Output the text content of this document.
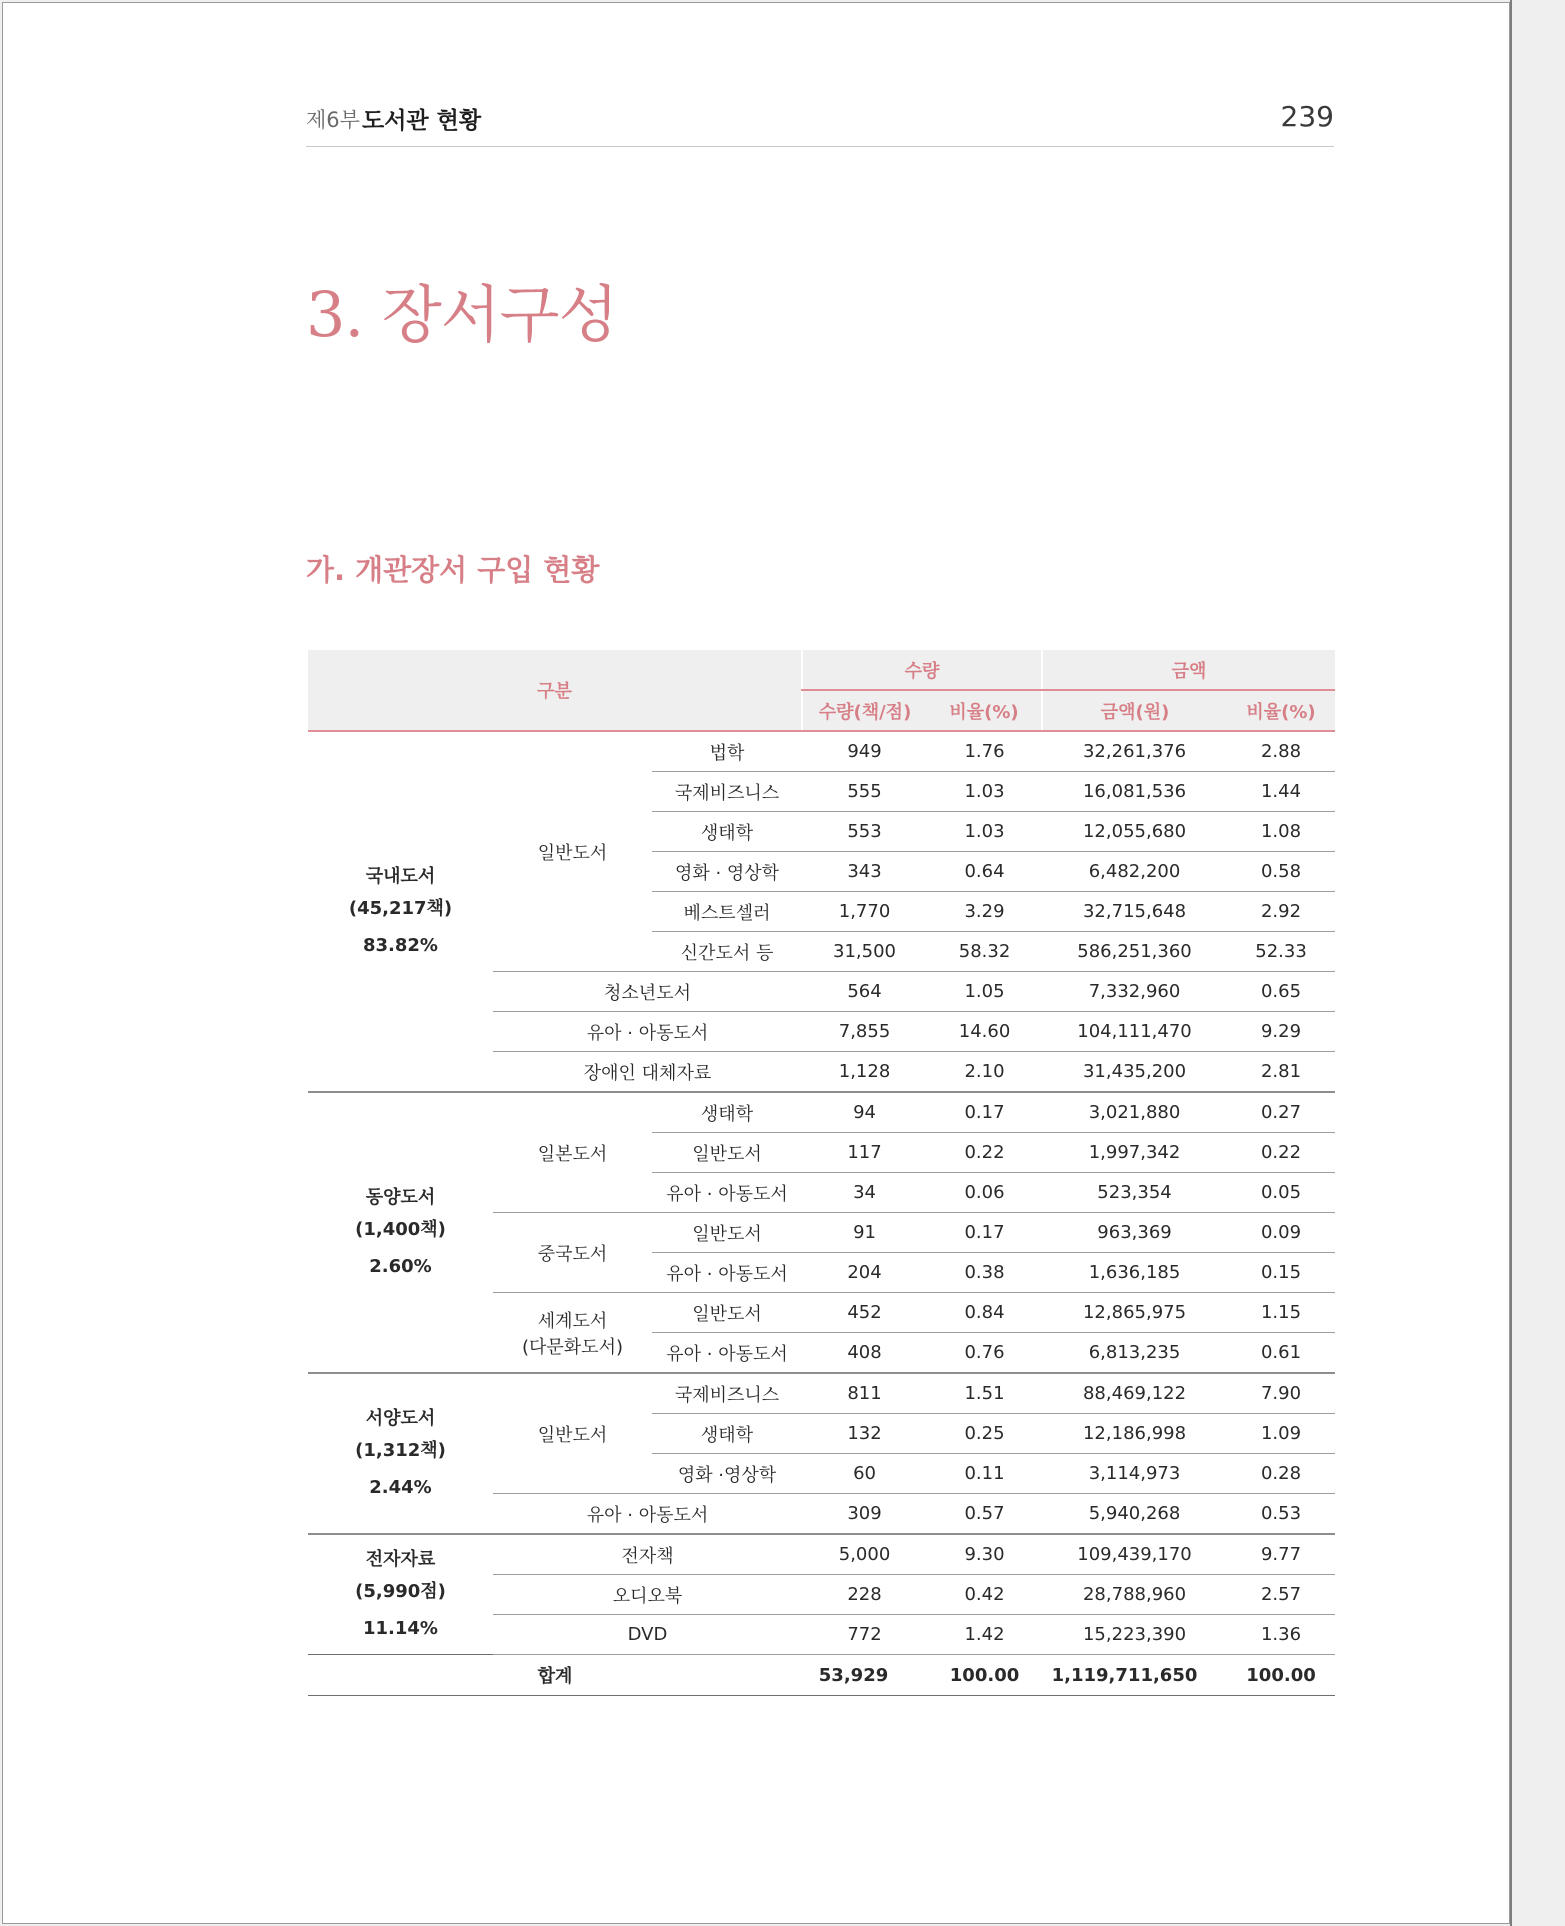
제6부 도서관 현황	239
3. 장서구성
가. 개관장서 구입 현황
구분			수량		금액	
			수량(책/점)	비율(%)	금액(원)	비율(%)

국내도서
(45,217책)
83.82%	일반도서	법학	949	1.76	32,261,376	2.88
		국제비즈니스	555	1.03	16,081,536	1.44
		생태학	553	1.03	12,055,680	1.08
		영화 · 영상학	343	0.64	6,482,200	0.58
		베스트셀러	1,770	3.29	32,715,648	2.92
		신간도서 등	31,500	58.32	586,251,360	52.33
	청소년도서		564	1.05	7,332,960	0.65
	유아 · 아동도서		7,855	14.60	104,111,470	9.29
	장애인 대체자료		1,128	2.10	31,435,200	2.81

동양도서
(1,400책)
2.60%	일본도서	생태학	94	0.17	3,021,880	0.27
		일반도서	117	0.22	1,997,342	0.22
		유아 · 아동도서	34	0.06	523,354	0.05
	중국도서	일반도서	91	0.17	963,369	0.09
		유아 · 아동도서	204	0.38	1,636,185	0.15

	세계도서
(다문화도서)	일반도서	452	0.84	12,865,975	1.15
		유아 · 아동도서	408	0.76	6,813,235	0.61

서양도서
(1,312책)
2.44%	일반도서	국제비즈니스	811	1.51	88,469,122	7.90
		생태학	132	0.25	12,186,998	1.09
		영화 ·영상학	60	0.11	3,114,973	0.28
	유아 · 아동도서		309	0.57	5,940,268	0.53

전자자료
(5,990점)
11.14%	전자책		5,000	9.30	109,439,170	9.77
	오디오북		228	0.42	28,788,960	2.57
	DVD		772	1.42	15,223,390	1.36
합계			53,929	100.00	1,119,711,650	100.00
